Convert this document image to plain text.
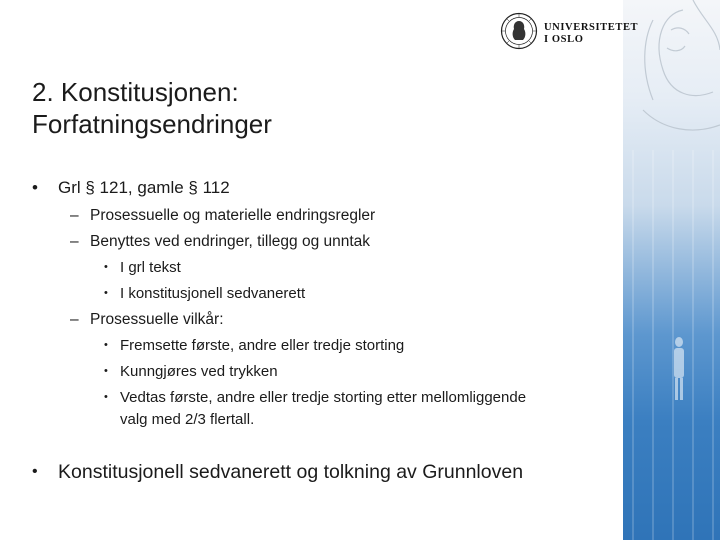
UNIVERSITETET
I OSLO
2. Konstitusjonen:
Forfatningsendringer
• Grl § 121, gamle § 112
– Prosessuelle og materielle endringsregler
– Benyttes ved endringer, tillegg og unntak
• I grl tekst
• I konstitusjonell sedvanerett
– Prosessuelle vilkår:
• Fremsette første, andre eller tredje storting
• Kunngjøres ved trykken
• Vedtas første, andre eller tredje storting etter mellomliggende
valg med 2/3 flertall.
• Konstitusjonell sedvanerett og tolkning av Grunnloven
